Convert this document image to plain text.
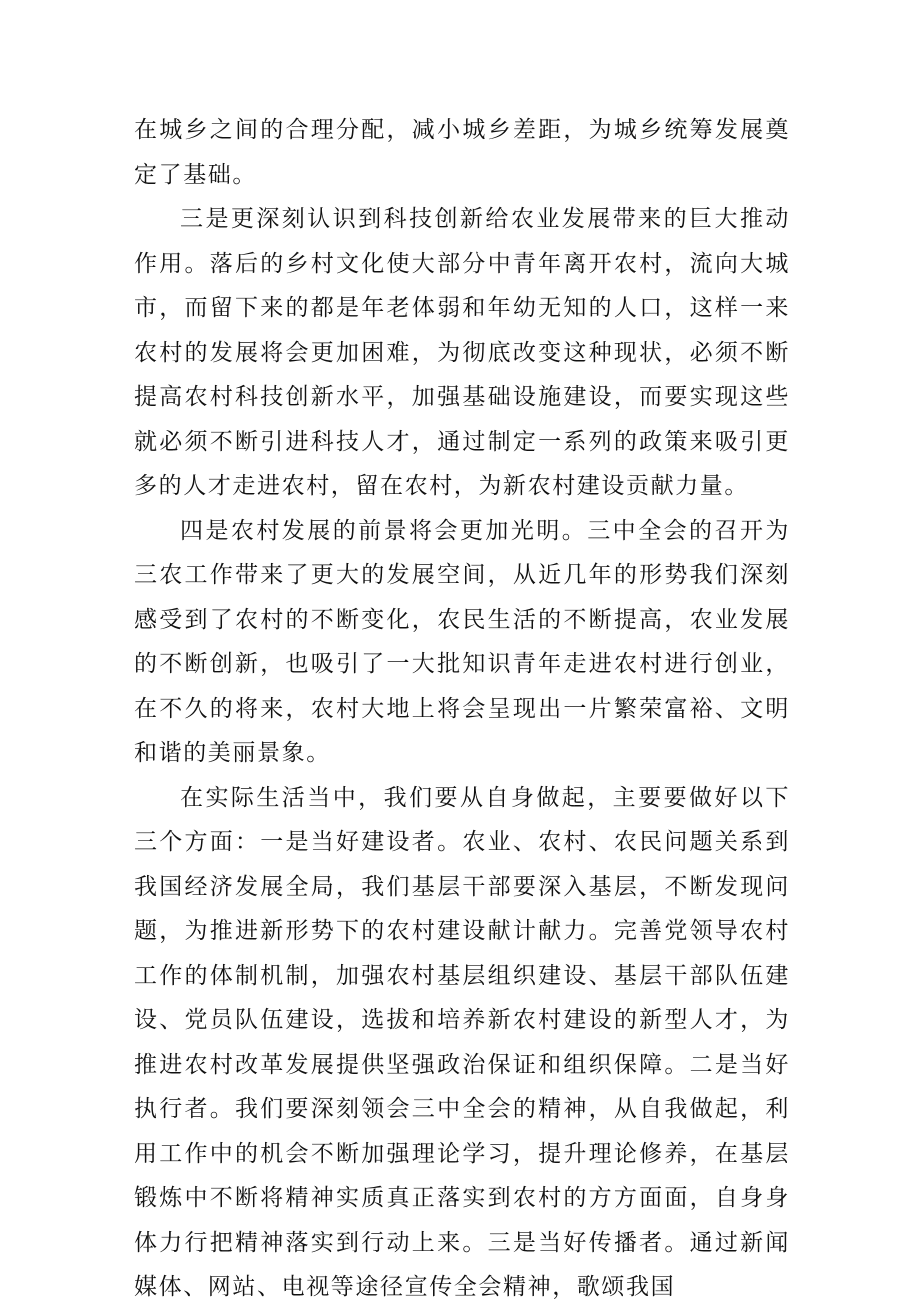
在城乡之间的合理分配，减小城乡差距，为城乡统筹发展奠定了基础。

三是更深刻认识到科技创新给农业发展带来的巨大推动作用。落后的乡村文化使大部分中青年离开农村，流向大城市，而留下来的都是年老体弱和年幼无知的人口，这样一来农村的发展将会更加困难，为彻底改变这种现状，必须不断提高农村科技创新水平，加强基础设施建设，而要实现这些就必须不断引进科技人才，通过制定一系列的政策来吸引更多的人才走进农村，留在农村，为新农村建设贡献力量。

四是农村发展的前景将会更加光明。三中全会的召开为三农工作带来了更大的发展空间，从近几年的形势我们深刻感受到了农村的不断变化，农民生活的不断提高，农业发展的不断创新，也吸引了一大批知识青年走进农村进行创业，在不久的将来，农村大地上将会呈现出一片繁荣富裕、文明和谐的美丽景象。

在实际生活当中，我们要从自身做起，主要要做好以下三个方面：一是当好建设者。农业、农村、农民问题关系到我国经济发展全局，我们基层干部要深入基层，不断发现问题，为推进新形势下的农村建设献计献力。完善党领导农村工作的体制机制，加强农村基层组织建设、基层干部队伍建设、党员队伍建设，选拔和培养新农村建设的新型人才，为推进农村改革发展提供坚强政治保证和组织保障。二是当好执行者。我们要深刻领会三中全会的精神，从自我做起，利用工作中的机会不断加强理论学习，提升理论修养，在基层锻炼中不断将精神实质真正落实到农村的方方面面，自身身体力行把精神落实到行动上来。三是当好传播者。通过新闻媒体、网站、电视等途径宣传全会精神，歌颂我国
